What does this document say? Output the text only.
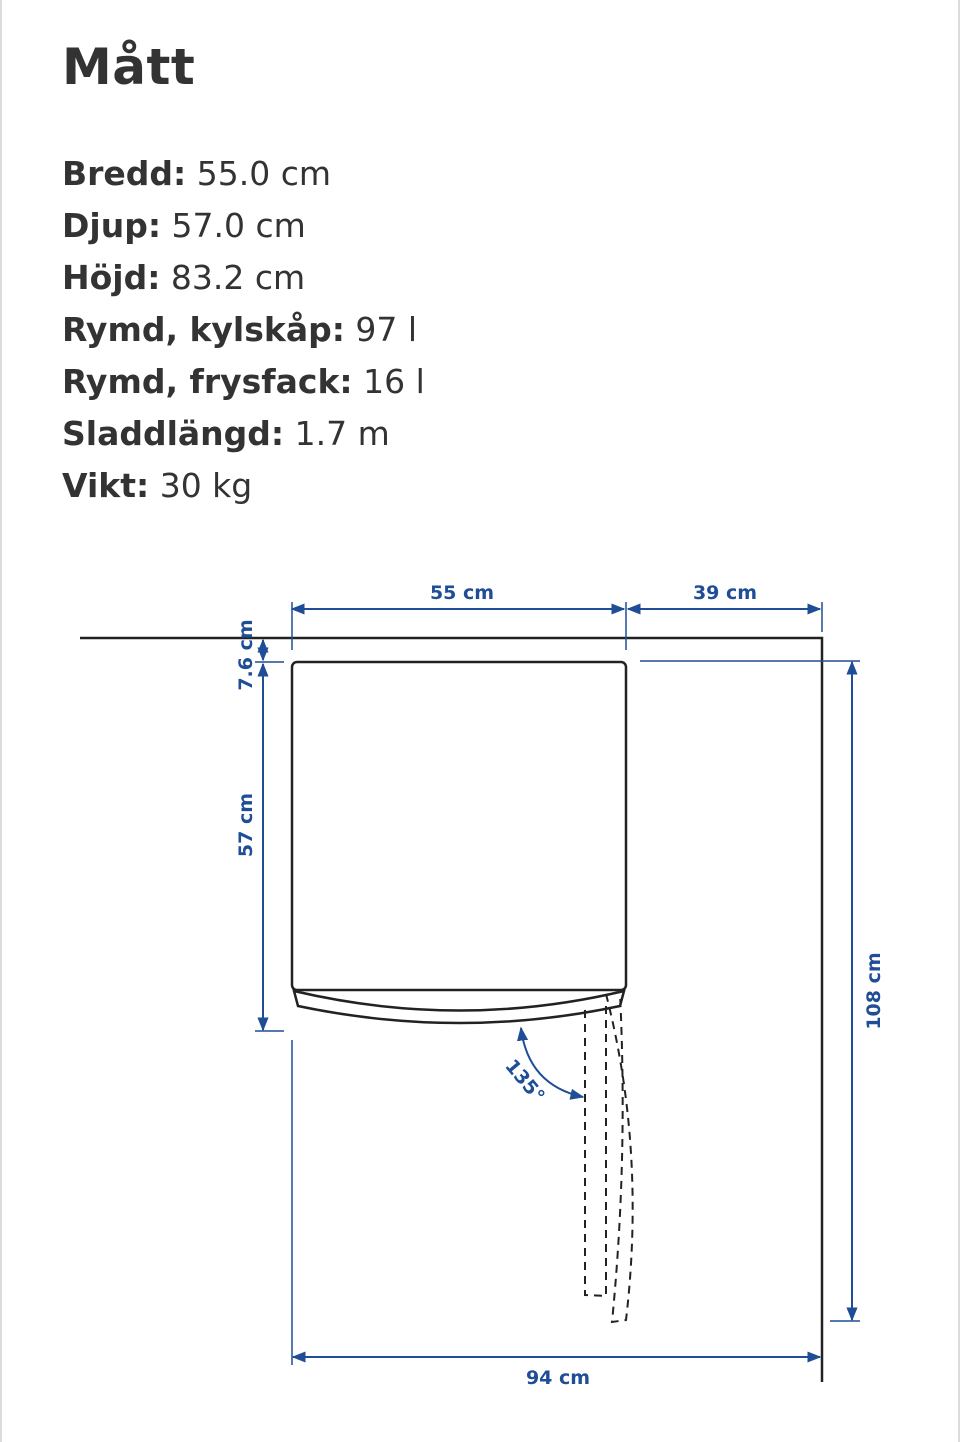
Mått
Bredd: 55.0 cm
Djup: 57.0 cm
Höjd: 83.2 cm
Rymd, kylskåp: 97 l
Rymd, frysfack: 16 l
Sladdlängd: 1.7 m
Vikt: 30 kg
55 cm	39 cm
7.6 cm
57 cm
108 cm
94 cm
135°
